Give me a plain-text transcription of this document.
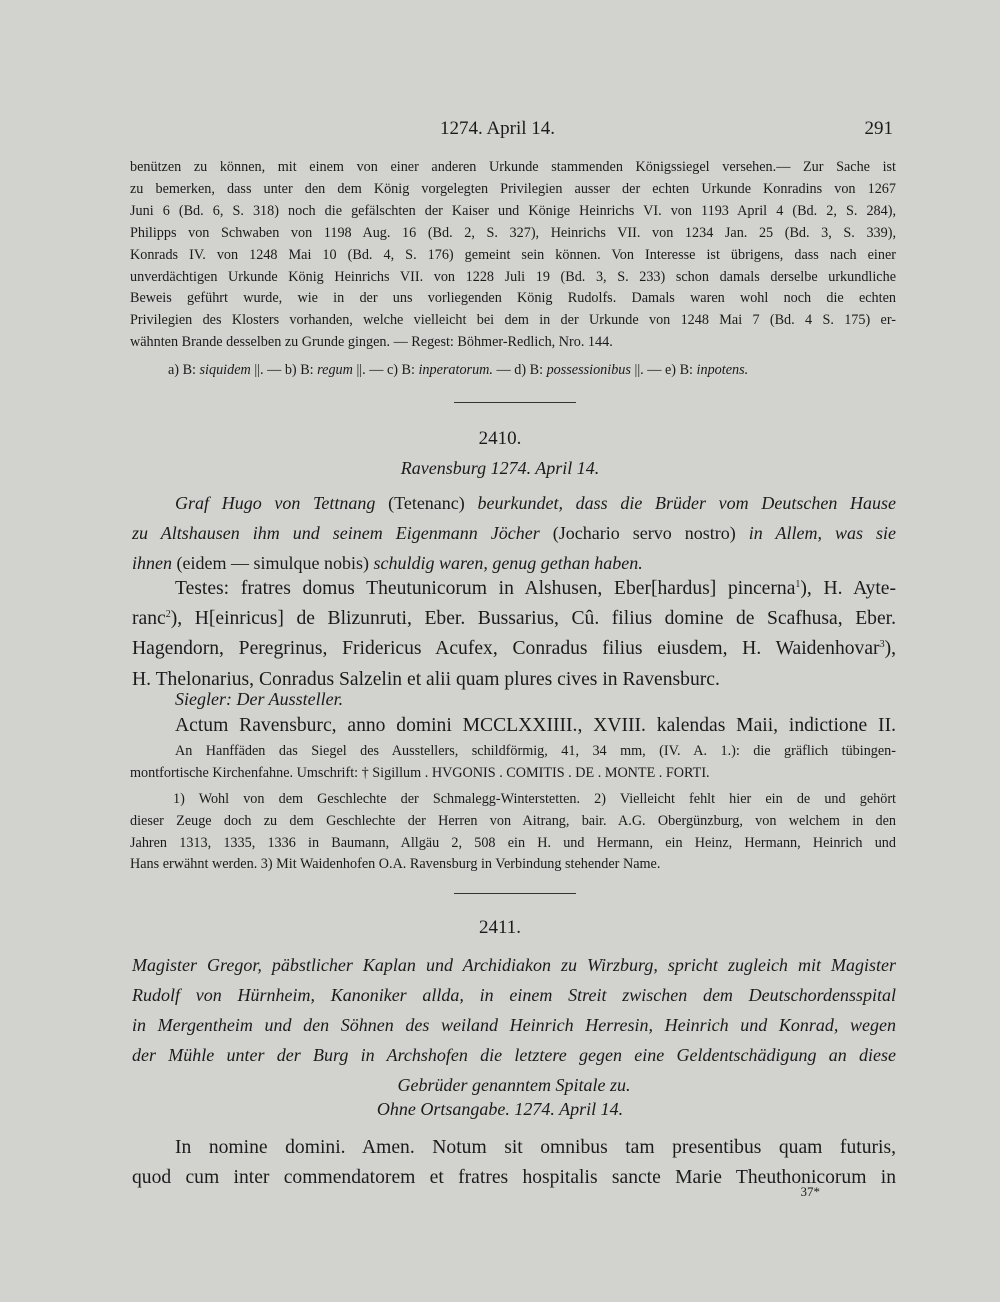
1274. April 14.	291

benützen zu können, mit einem von einer anderen Urkunde stammenden Königssiegel versehen.— Zur Sache ist

zu bemerken, dass unter den dem König vorgelegten Privilegien ausser der echten Urkunde Konradins von 1267

Juni 6 (Bd. 6, S. 318) noch die gefälschten der Kaiser und Könige Heinrichs VI. von 1193 April 4 (Bd. 2, S. 284),

Philipps von Schwaben von 1198 Aug. 16 (Bd. 2, S. 327), Heinrichs VII. von 1234 Jan. 25 (Bd. 3, S. 339),

Konrads IV. von 1248 Mai 10 (Bd. 4, S. 176) gemeint sein können. Von Interesse ist übrigens, dass nach einer

unverdächtigen Urkunde König Heinrichs VII. von 1228 Juli 19 (Bd. 3, S. 233) schon damals derselbe urkundliche

Beweis geführt wurde, wie in der uns vorliegenden König Rudolfs. Damals waren wohl noch die echten

Privilegien des Klosters vorhanden, welche vielleicht bei dem in der Urkunde von 1248 Mai 7 (Bd. 4 S. 175) er-

wähnten Brande desselben zu Grunde gingen. — Regest: Böhmer-Redlich, Nro. 144.

a) B: siquidem ||. — b) B: regum ||. — c) B: inperatorum. — d) B: possessionibus ||. — e) B: inpotens.
2410.
Ravensburg 1274. April 14.
Graf Hugo von Tettnang (Tetenanc) beurkundet, dass die Brüder vom Deutschen Hause
zu Altshausen ihm und seinem Eigenmann Jöcher (Jochario servo nostro) in Allem, was sie
ihnen (eidem — simulque nobis) schuldig waren, genug gethan haben.

Testes: fratres domus Theutunicorum in Alshusen, Eber[hardus] pincerna$^1$), H. Ayte-

ranc$^2$), H[einricus] de Blizunruti, Eber. Bussarius, Cû. filius domine de Scafhusa, Eber.

Hagendorn, Peregrinus, Fridericus Acufex, Conradus filius eiusdem, H. Waidenhovar$^3$),

H. Thelonarius, Conradus Salzelin et alii quam plures cives in Ravensburc.

Siegler: Der Aussteller.
Actum Ravensburc, anno domini MCCLXXIIII., XVIII. kalendas Maii, indictione II.

An Hanffäden das Siegel des Ausstellers, schildförmig, 41, 34 mm, (IV. A. 1.): die gräflich tübingen-

montfortische Kirchenfahne. Umschrift: † Sigillum . HVGONIS . COMITIS . DE . MONTE . FORTI.

1) Wohl von dem Geschlechte der Schmalegg-Winterstetten. 2) Vielleicht fehlt hier ein de und gehört

dieser Zeuge doch zu dem Geschlechte der Herren von Aitrang, bair. A.G. Obergünzburg, von welchem in den

Jahren 1313, 1335, 1336 in Baumann, Allgäu 2, 508 ein H. und Hermann, ein Heinz, Hermann, Heinrich und

Hans erwähnt werden. 3) Mit Waidenhofen O.A. Ravensburg in Verbindung stehender Name.

2411.
Magister Gregor, päbstlicher Kaplan und Archidiakon zu Wirzburg, spricht zugleich mit Magister
Rudolf von Hürnheim, Kanoniker allda, in einem Streit zwischen dem Deutschordensspital
in Mergentheim und den Söhnen des weiland Heinrich Herresin, Heinrich und Konrad, wegen
der Mühle unter der Burg in Archshofen die letztere gegen eine Geldentschädigung an diese
Gebrüder genanntem Spitale zu.
Ohne Ortsangabe. 1274. April 14.

In nomine domini. Amen. Notum sit omnibus tam presentibus quam futuris,

quod cum inter commendatorem et fratres hospitalis sancte Marie Theuthonicorum in

37*
